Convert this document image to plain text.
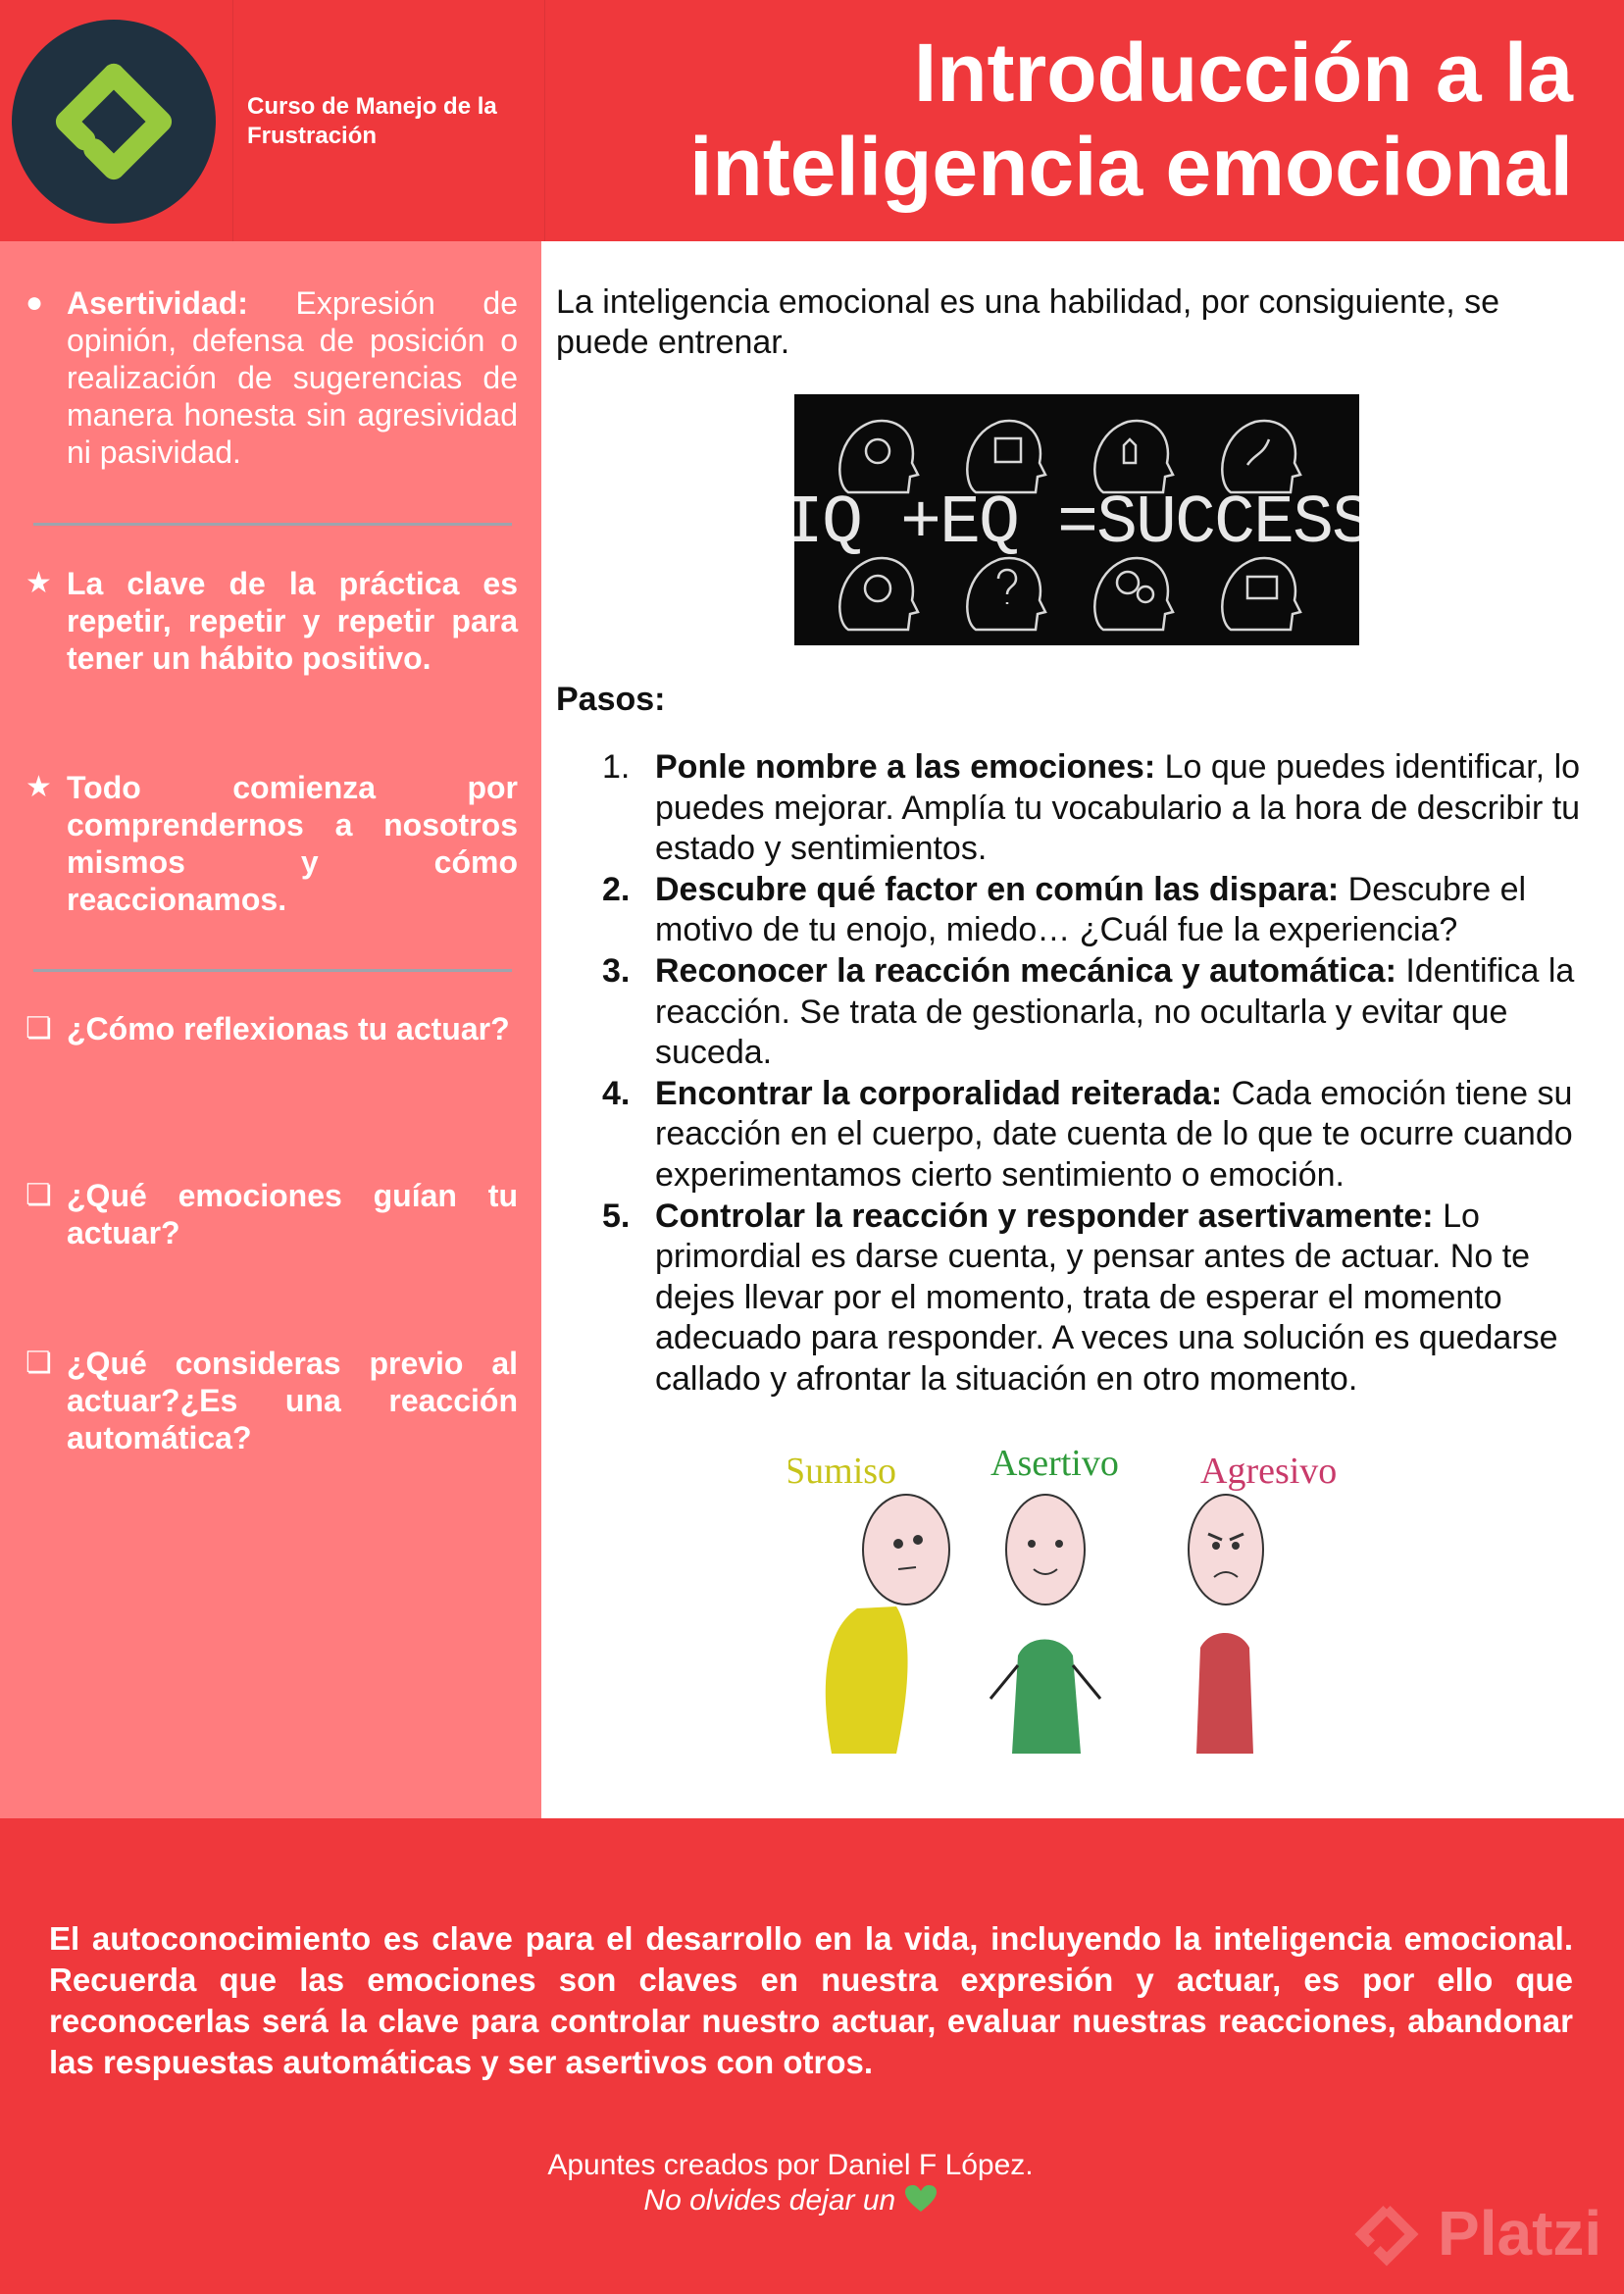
Curso de Manejo de la Frustración
Introducción a la
inteligencia emocional
● Asertividad: Expresión de opinión, defensa de posición o realización de sugerencias de manera honesta sin agresividad ni pasividad.
★ La clave de la práctica es repetir, repetir y repetir para tener un hábito positivo.
★ Todo comienza por comprendernos a nosotros mismos y cómo reaccionamos.
❏ ¿Cómo reflexionas tu actuar?
❏ ¿Qué emociones guían tu actuar?
❏ ¿Qué consideras previo al actuar?¿Es una reacción automática?
La inteligencia emocional es una habilidad, por consiguiente, se puede entrenar.
IQ +EQ =SUCCESS
Pasos:
1. Ponle nombre a las emociones: Lo que puedes identificar, lo puedes mejorar. Amplía tu vocabulario a la hora de describir tu estado y sentimientos.
2. Descubre qué factor en común las dispara: Descubre el motivo de tu enojo, miedo… ¿Cuál fue la experiencia?
3. Reconocer la reacción mecánica y automática: Identifica la reacción. Se trata de gestionarla, no ocultarla y evitar que suceda.
4. Encontrar la corporalidad reiterada: Cada emoción tiene su reacción en el cuerpo, date cuenta de lo que te ocurre cuando experimentamos cierto sentimiento o emoción.
5. Controlar la reacción y responder asertivamente: Lo primordial es darse cuenta, y pensar antes de actuar. No te dejes llevar por el momento, trata de esperar el momento adecuado para responder. A veces una solución es quedarse callado y afrontar la situación en otro momento.
Sumiso	Asertivo Agresivo
El autoconocimiento es clave para el desarrollo en la vida, incluyendo la inteligencia emocional. Recuerda que las emociones son claves en nuestra expresión y actuar, es por ello que reconocerlas será la clave para controlar nuestro actuar, evaluar nuestras reacciones, abandonar las respuestas automáticas y ser asertivos con otros.
Apuntes creados por Daniel F López.
No olvides dejar un	Platzi
